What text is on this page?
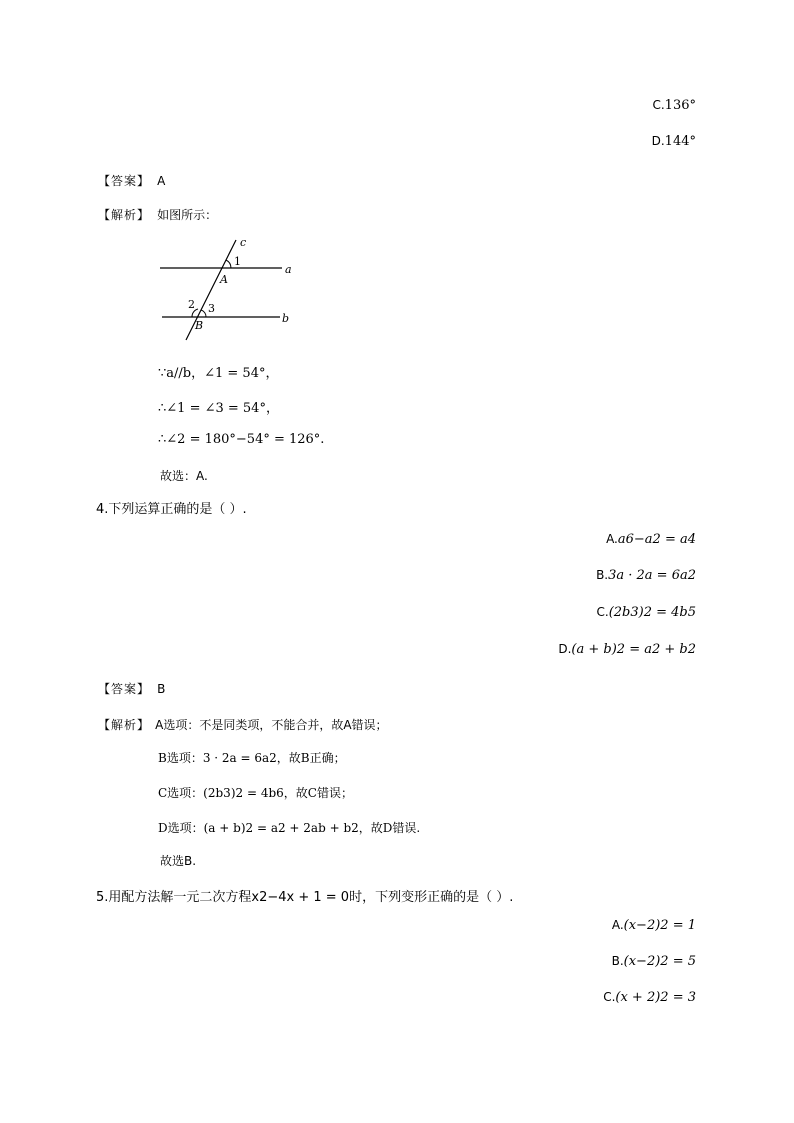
C.136°
D.144°
【答案】 A
【解析】 如图所示：
c
1
A
a
2 3
B
b
∵a//b，∠1 = 54°，
∴∠1 = ∠3 = 54°，
∴∠2 = 180°−54° = 126°.
故选：A.
4.下列运算正确的是（ ）.
A.a6−a2 = a4
B.3a · 2a = 6a2
C.(2b3)2 = 4b5
D.(a + b)2 = a2 + b2
【答案】 B
【解析】 A选项：不是同类项，不能合并，故A错误；
B选项：3 · 2a = 6a2，故B正确；
C选项：(2b3)2 = 4b6，故C错误；
D选项：(a + b)2 = a2 + 2ab + b2，故D错误.
故选B.
5.用配方法解一元二次方程x2−4x + 1 = 0时，下列变形正确的是（ ）.
A.(x−2)2 = 1
B.(x−2)2 = 5
C.(x + 2)2 = 3
